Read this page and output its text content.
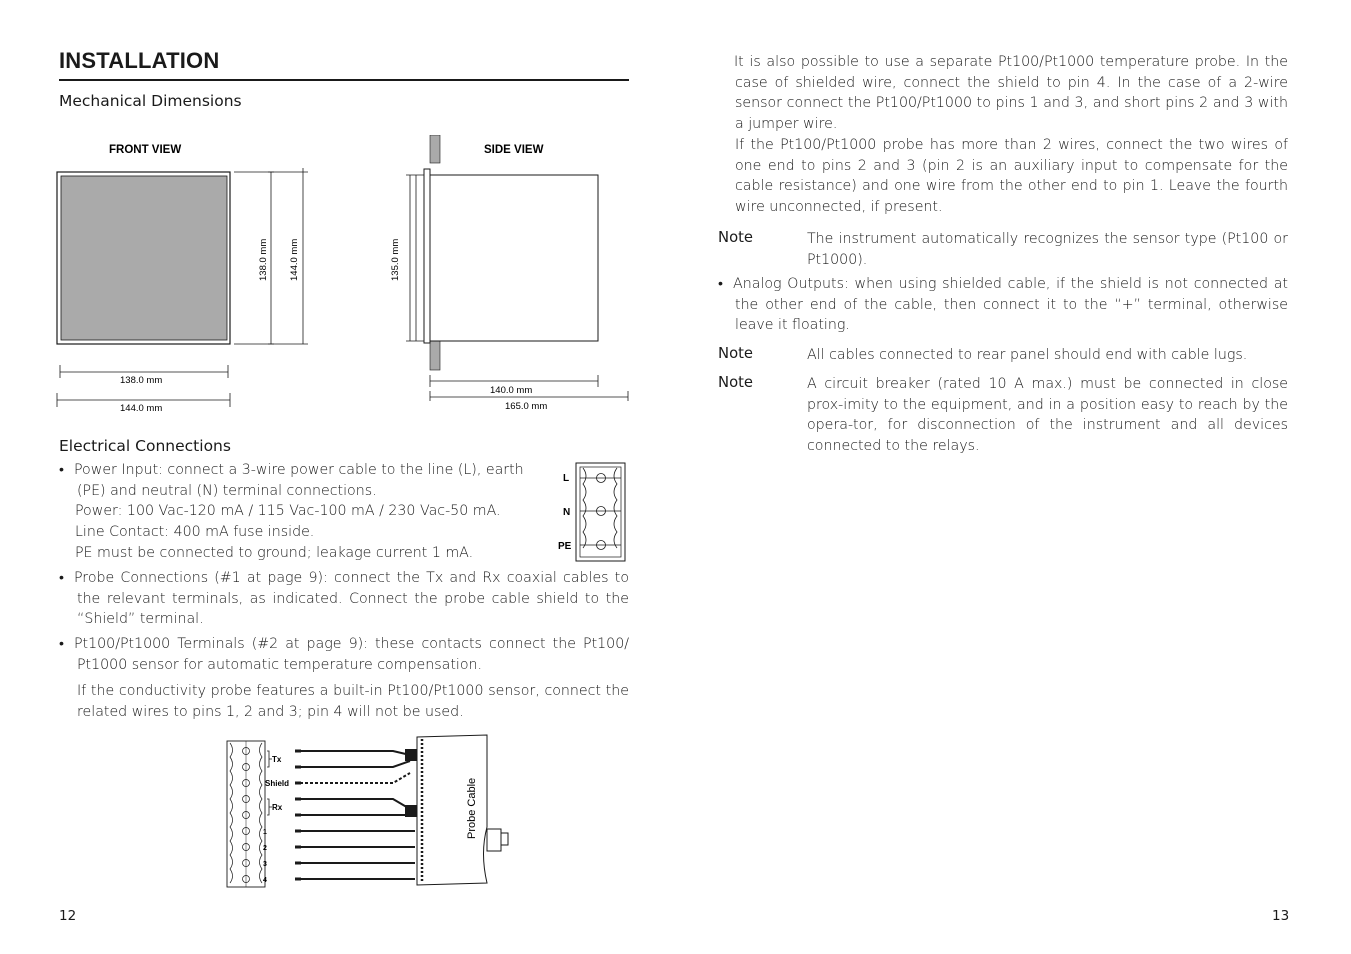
INSTALLATION
Mechanical Dimensions
FRONT VIEW
138.0 mm 144.0 mm
138.0 mm
144.0 mm
SIDE VIEW
135.0 mm
140.0 mm
165.0 mm
Electrical Connections
• Power Input: connect a 3-wire power cable to the line (L), earth
(PE) and neutral (N) terminal connections.
Power: 100 Vac-120 mA / 115 Vac-100 mA / 230 Vac-50 mA.
Line Contact: 400 mA fuse inside.
PE must be connected to ground; leakage current 1 mA.
L
N
PE
• Probe Connections (#1 at page 9): connect the Tx and Rx coaxial cables to the relevant terminals, as indicated. Connect the probe cable shield to the “Shield” terminal.
• Pt100/Pt1000 Terminals (#2 at page 9): these contacts connect the Pt100/ Pt1000 sensor for automatic temperature compensation.
If the conductivity probe features a built-in Pt100/Pt1000 sensor, connect the related wires to pins 1, 2 and 3; pin 4 will not be used.
Tx
Shield
Rx
1
2
3
4
Probe Cable
12
It is also possible to use a separate Pt100/Pt1000 temperature probe. In the case of shielded wire, connect the shield to pin 4. In the case of a 2-wire sensor connect the Pt100/Pt1000 to pins 1 and 3, and short pins 2 and 3 with a jumper wire.
If the Pt100/Pt1000 probe has more than 2 wires, connect the two wires of one end to pins 2 and 3 (pin 2 is an auxiliary input to compensate for the cable resistance) and one wire from the other end to pin 1. Leave the fourth wire unconnected, if present.
Note	The instrument automatically recognizes the sensor type (Pt100 or Pt1000).
• Analog Outputs: when using shielded cable, if the shield is not connected at the other end of the cable, then connect it to the “+” terminal, otherwise leave it floating.
Note	All cables connected to rear panel should end with cable lugs.
Note	A circuit breaker (rated 10 A max.) must be connected in close prox-imity to the equipment, and in a position easy to reach by the opera-tor, for disconnection of the instrument and all devices connected to the relays.
13
